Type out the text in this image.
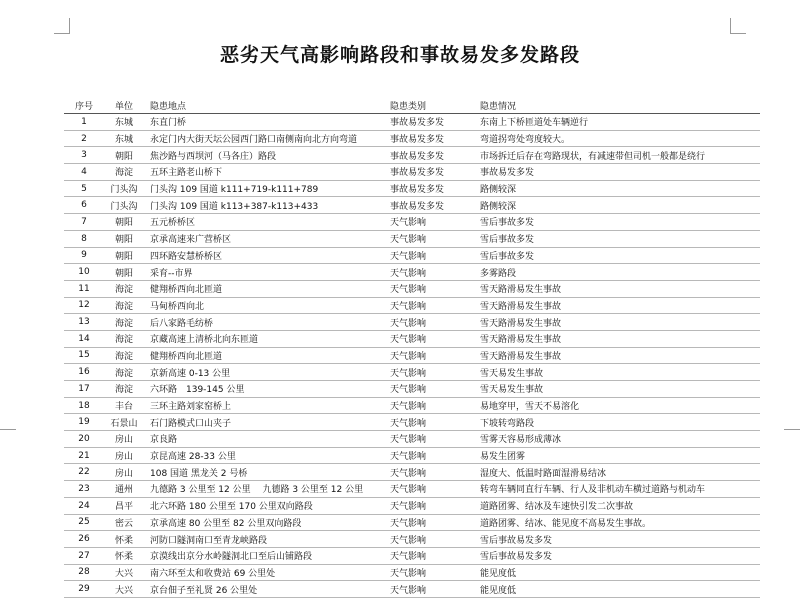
恶劣天气高影响路段和事故易发多发路段
序号	单位	隐患地点	隐患类别	隐患情况
1	东城	东直门桥	事故易发多发	东南上下桥匝道处车辆逆行
2	东城	永定门内大街天坛公园西门路口南侧南向北方向弯道	事故易发多发	弯道拐弯处弯度较大。
3	朝阳	焦沙路与西坝河（马各庄）路段	事故易发多发	市场拆迁后存在弯路现状，有减速带但司机一般都是绕行
4	海淀	五环主路老山桥下	事故易发多发	事故易发多发
5	门头沟	门头沟 109 国道 k111+719-k111+789	事故易发多发	路侧较深
6	门头沟	门头沟 109 国道 k113+387-k113+433	事故易发多发	路侧较深
7	朝阳	五元桥桥区	天气影响	雪后事故多发
8	朝阳	京承高速来广营桥区	天气影响	雪后事故多发
9	朝阳	四环路安慧桥桥区	天气影响	雪后事故多发
10	朝阳	采育--市界	天气影响	多雾路段
11	海淀	健翔桥西向北匝道	天气影响	雪天路滑易发生事故
12	海淀	马甸桥西向北	天气影响	雪天路滑易发生事故
13	海淀	后八家路毛纺桥	天气影响	雪天路滑易发生事故
14	海淀	京藏高速上清桥北向东匝道	天气影响	雪天路滑易发生事故
15	海淀	健翔桥西向北匝道	天气影响	雪天路滑易发生事故
16	海淀	京新高速 0-13 公里	天气影响	雪天易发生事故
17	海淀	六环路　139-145 公里	天气影响	雪天易发生事故
18	丰台	三环主路刘家窑桥上	天气影响	易地穿甲，雪天不易溶化
19	石景山	石门路模式口山夹子	天气影响	下坡转弯路段
20	房山	京良路	天气影响	雪雾天容易形成薄冰
21	房山	京昆高速 28-33 公里	天气影响	易发生团雾
22	房山	108 国道 黑龙关 2 号桥	天气影响	湿度大、低温时路面湿滑易结冰
23	通州	九德路 3 公里至 12 公里　 九德路 3 公里至 12 公里	天气影响	转弯车辆同直行车辆、行人及非机动车横过道路与机动车
24	昌平	北六环路 180 公里至 170 公里双向路段	天气影响	道路团雾、结冰及车速快引发二次事故
25	密云	京承高速 80 公里至 82 公里双向路段	天气影响	道路团雾、结冰、能见度不高易发生事故。
26	怀柔	河防口隧洞南口至青龙峡路段	天气影响	雪后事故易发多发
27	怀柔	京漠线出京分水岭隧洞北口至后山铺路段	天气影响	雪后事故易发多发
28	大兴	南六环至太和收费站 69 公里处	天气影响	能见度低
29	大兴	京台佃子至礼贤 26 公里处	天气影响	能见度低
